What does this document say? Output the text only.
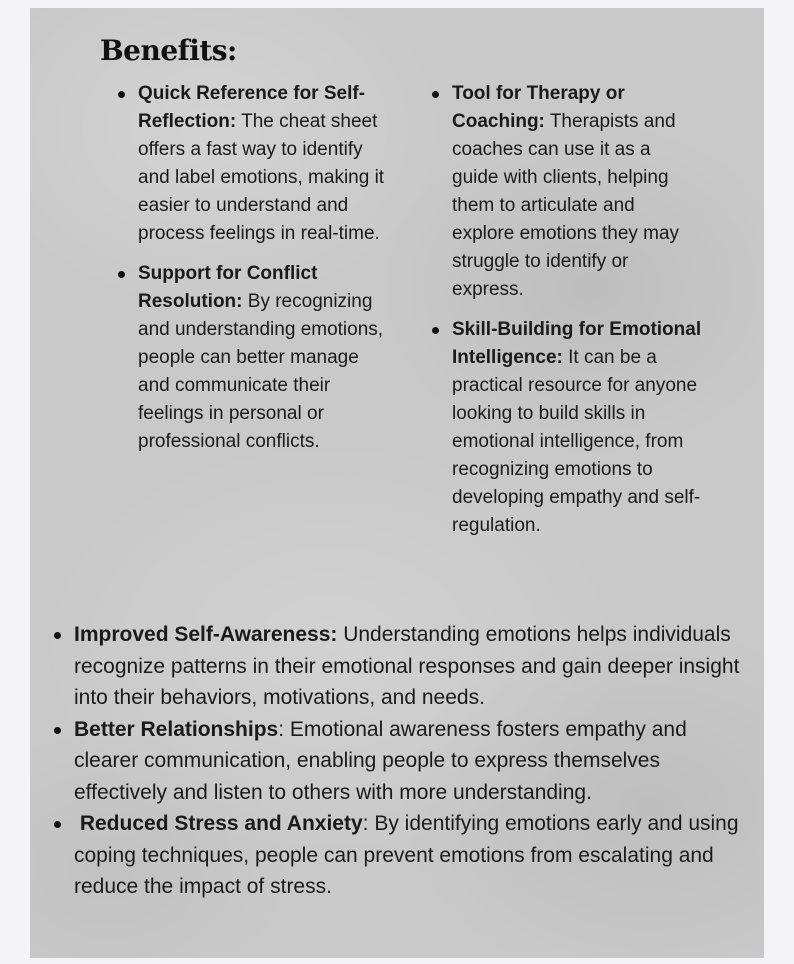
Benefits:
Quick Reference for Self-Reflection: The cheat sheet offers a fast way to identify and label emotions, making it easier to understand and process feelings in real-time.
Support for Conflict Resolution: By recognizing and understanding emotions, people can better manage and communicate their feelings in personal or professional conflicts.
Tool for Therapy or Coaching: Therapists and coaches can use it as a guide with clients, helping them to articulate and explore emotions they may struggle to identify or express.
Skill-Building for Emotional Intelligence: It can be a practical resource for anyone looking to build skills in emotional intelligence, from recognizing emotions to developing empathy and self-regulation.
Improved Self-Awareness: Understanding emotions helps individuals recognize patterns in their emotional responses and gain deeper insight into their behaviors, motivations, and needs.
Better Relationships: Emotional awareness fosters empathy and clearer communication, enabling people to express themselves effectively and listen to others with more understanding.
Reduced Stress and Anxiety: By identifying emotions early and using coping techniques, people can prevent emotions from escalating and reduce the impact of stress.
